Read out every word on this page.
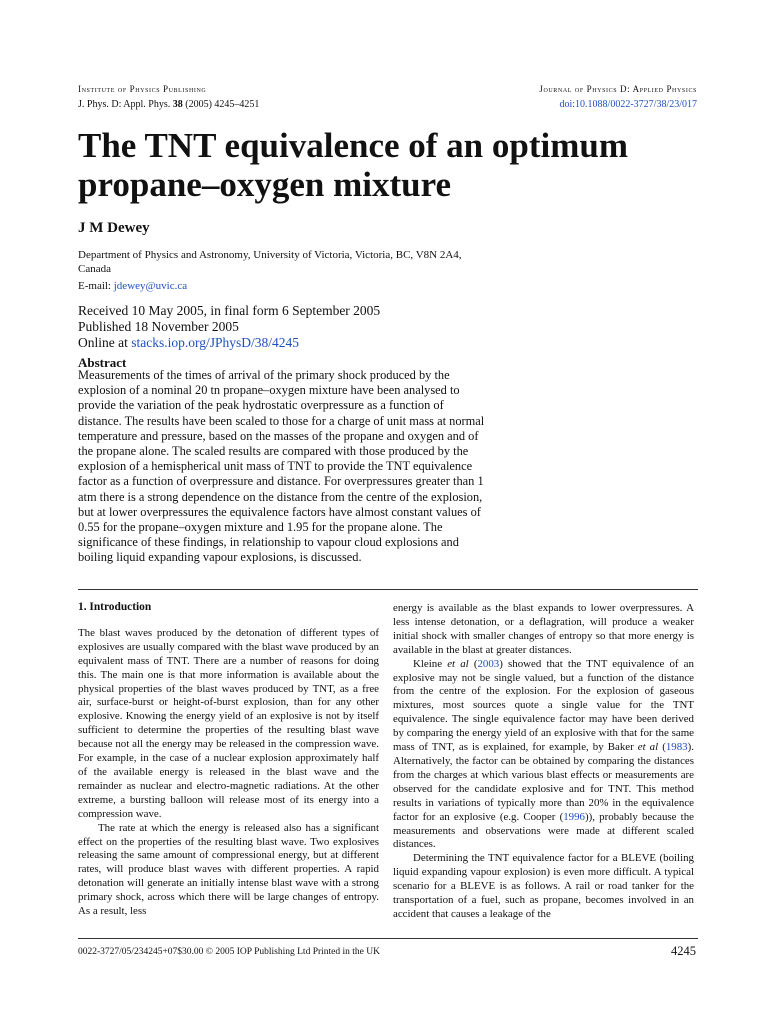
Institute of Physics Publishing	Journal of Physics D: Applied Physics
J. Phys. D: Appl. Phys. 38 (2005) 4245–4251	doi:10.1088/0022-3727/38/23/017
The TNT equivalence of an optimum propane–oxygen mixture
J M Dewey
Department of Physics and Astronomy, University of Victoria, Victoria, BC, V8N 2A4, Canada
E-mail: jdewey@uvic.ca
Received 10 May 2005, in final form 6 September 2005
Published 18 November 2005
Online at stacks.iop.org/JPhysD/38/4245
Abstract

Measurements of the times of arrival of the primary shock produced by the explosion of a nominal 20 tn propane–oxygen mixture have been analysed to provide the variation of the peak hydrostatic overpressure as a function of distance. The results have been scaled to those for a charge of unit mass at normal temperature and pressure, based on the masses of the propane and oxygen and of the propane alone. The scaled results are compared with those produced by the explosion of a hemispherical unit mass of TNT to provide the TNT equivalence factor as a function of overpressure and distance. For overpressures greater than 1 atm there is a strong dependence on the distance from the centre of the explosion, but at lower overpressures the equivalence factors have almost constant values of 0.55 for the propane–oxygen mixture and 1.95 for the propane alone. The significance of these findings, in relationship to vapour cloud explosions and boiling liquid expanding vapour explosions, is discussed.

1. Introduction

The blast waves produced by the detonation of different types of explosives are usually compared with the blast wave produced by an equivalent mass of TNT. There are a number of reasons for doing this. The main one is that more information is available about the physical properties of the blast waves produced by TNT, as a free air, surface-burst or height-of-burst explosion, than for any other explosive. Knowing the energy yield of an explosive is not by itself sufficient to determine the properties of the resulting blast wave because not all the energy may be released in the compression wave. For example, in the case of a nuclear explosion approximately half of the available energy is released in the blast wave and the remainder as nuclear and electro-magnetic radiations. At the other extreme, a bursting balloon will release most of its energy into a compression wave.

The rate at which the energy is released also has a significant effect on the properties of the resulting blast wave. Two explosives releasing the same amount of compressional energy, but at different rates, will produce blast waves with different properties. A rapid detonation will generate an initially intense blast wave with a strong primary shock, across which there will be large changes of entropy. As a result, less

energy is available as the blast expands to lower overpressures. A less intense detonation, or a deflagration, will produce a weaker initial shock with smaller changes of entropy so that more energy is available in the blast at greater distances.

Kleine et al (2003) showed that the TNT equivalence of an explosive may not be single valued, but a function of the distance from the centre of the explosion. For the explosion of gaseous mixtures, most sources quote a single value for the TNT equivalence. The single equivalence factor may have been derived by comparing the energy yield of an explosive with that for the same mass of TNT, as is explained, for example, by Baker et al (1983). Alternatively, the factor can be obtained by comparing the distances from the charges at which various blast effects or measurements are observed for the candidate explosive and for TNT. This method results in variations of typically more than 20% in the equivalence factor for an explosive (e.g. Cooper (1996)), probably because the measurements and observations were made at different scaled distances.

Determining the TNT equivalence factor for a BLEVE (boiling liquid expanding vapour explosion) is even more difficult. A typical scenario for a BLEVE is as follows. A rail or road tanker for the transportation of a fuel, such as propane, becomes involved in an accident that causes a leakage of the

0022-3727/05/234245+07$30.00 © 2005 IOP Publishing Ltd Printed in the UK	4245
